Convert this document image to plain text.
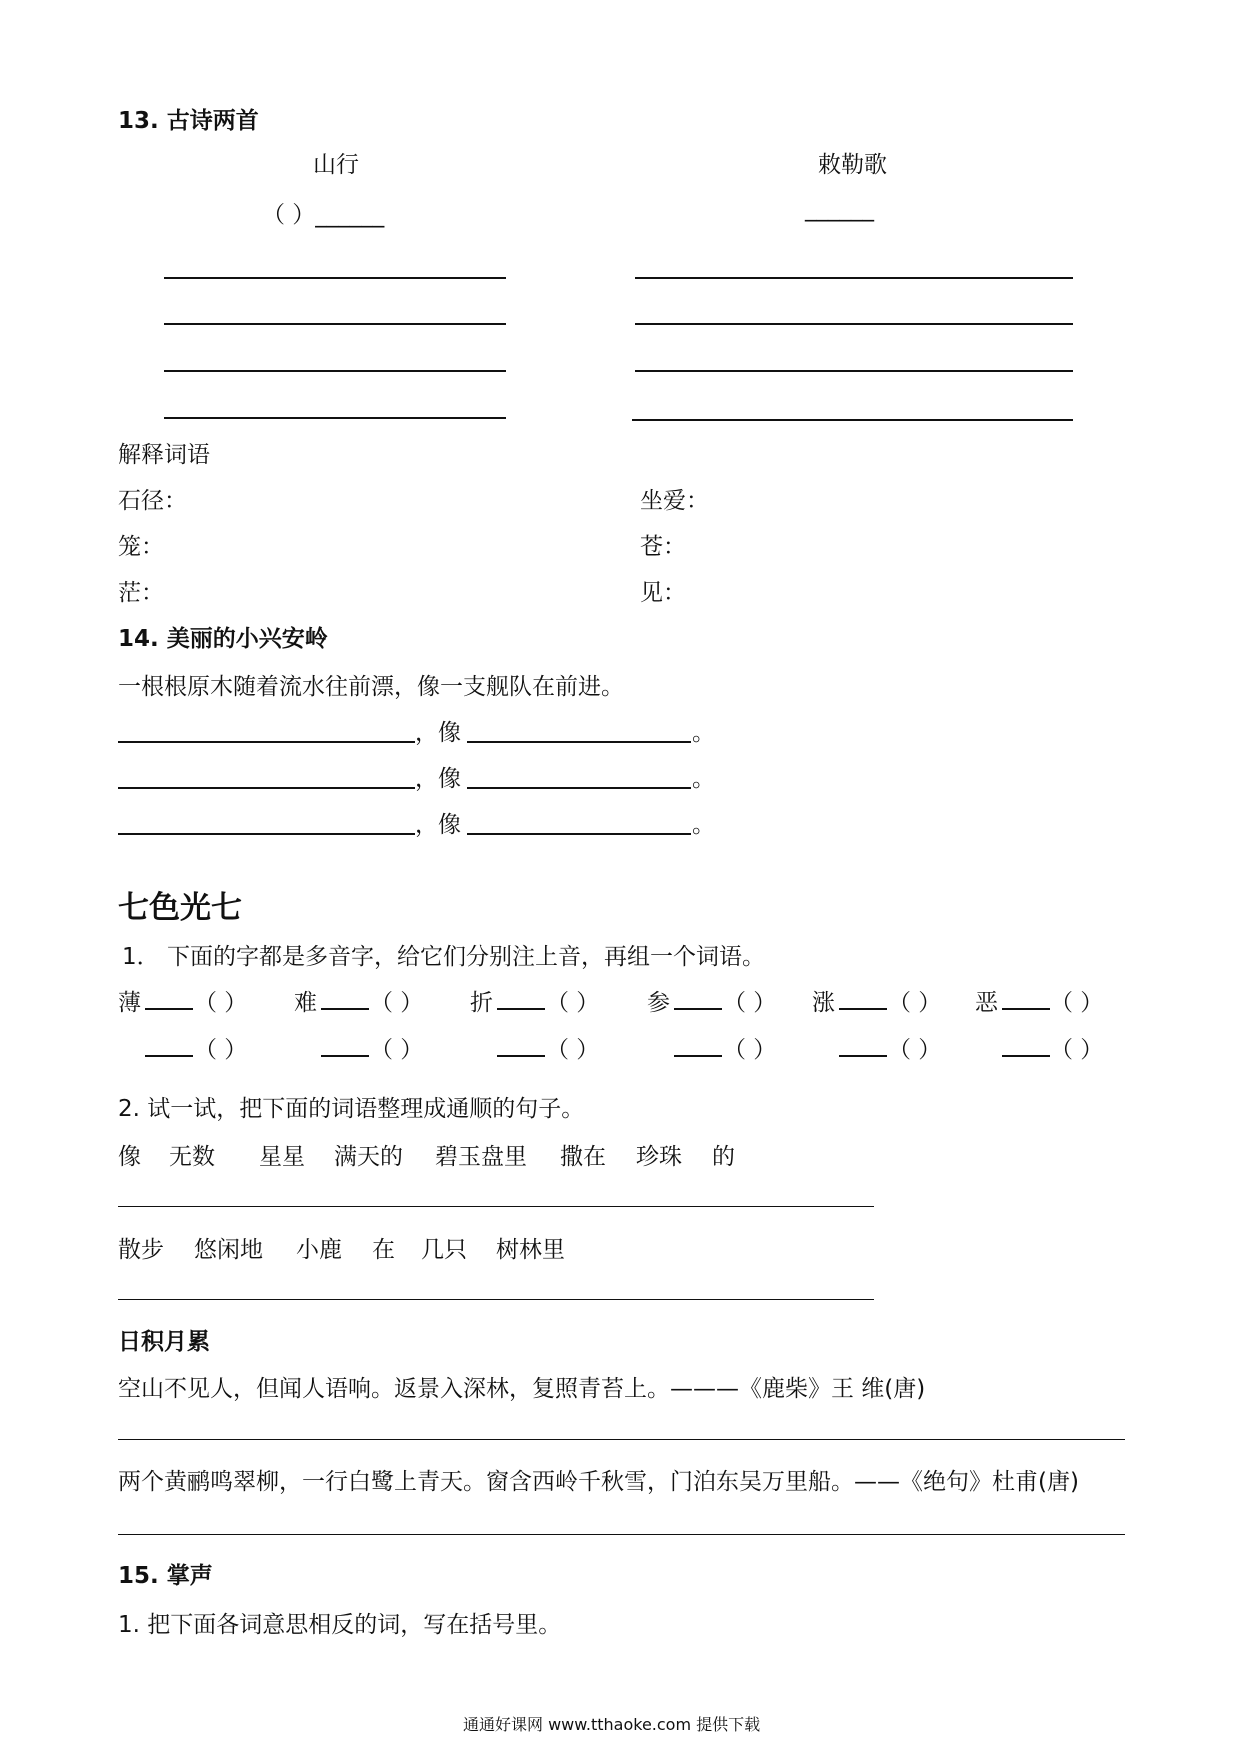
13. 古诗两首
山行
（ ）______
敕勒歌
______
解释词语
石径：	坐爱：
笼：	苍：
茫：	见：
14. 美丽的小兴安岭
一根根原木随着流水往前漂，像一支舰队在前进。
，像	。
，像	。
，像	。
七色光七
1． 下面的字都是多音字，给它们分别注上音，再组一个词语。
薄 （ ） 难 （ ） 折 （ ） 参 （ ） 涨 （ ） 恶 （ ）
（ ）	（ ）	（ ）	（ ）	（ ）	（ ）
2. 试一试，把下面的词语整理成通顺的句子。
像 无数 星星 满天的 碧玉盘里 撒在 珍珠 的
散步 悠闲地 小鹿 在 几只 树林里
日积月累
空山不见人，但闻人语响。返景入深林，复照青苔上。———《鹿柴》王 维(唐)
两个黄鹂鸣翠柳，一行白鹭上青天。窗含西岭千秋雪，门泊东吴万里船。——《绝句》杜甫(唐)
15. 掌声
1. 把下面各词意思相反的词，写在括号里。
通通好课网 www.tthaoke.com 提供下载
